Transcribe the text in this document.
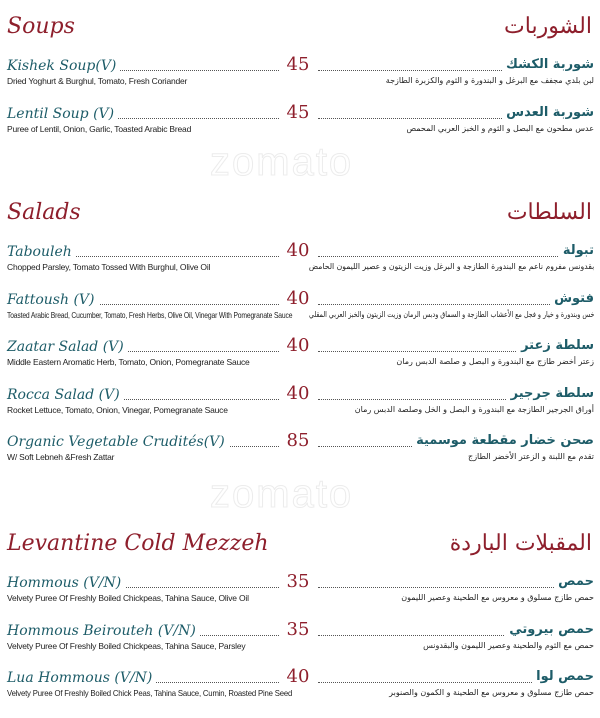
zomato
zomato
Soups	الشوربات
Kishek Soup(V)
Dried Yoghurt & Burghul, Tomato, Fresh Coriander
45	شوربة الكشك
لبن بلدي مجفف مع البرغل و البندورة و الثوم والكزبرة الطازجة
Lentil Soup (V)
Puree of Lentil, Onion, Garlic, Toasted Arabic Bread
45	شوربة العدس
عدس مطحون مع البصل و الثوم و الخبز العربي المحمص
Salads	السلطات
Tabouleh
Chopped Parsley, Tomato Tossed With Burghul, Olive Oil
40	تبولة
بقدونس مفروم ناعم مع البندورة الطازجة و البرغل وزيت الزيتون و عصير الليمون الحامض
Fattoush (V)
Toasted Arabic Bread, Cucumber, Tomato, Fresh Herbs, Olive Oil, Vinegar With Pomegranate Sauce
40	فتوش
خس وبندورة و خيار و فجل مع الأعشاب الطازجة و السماق ودبس الرمان وزيت الزيتون والخبز العربي المقلي
Zaatar Salad (V)
Middle Eastern Aromatic Herb, Tomato, Onion, Pomegranate Sauce
40	سلطة زعتر
زعتر أخضر طازج مع البندورة و البصل و صلصة الدبس رمان
Rocca Salad (V)
Rocket Lettuce, Tomato, Onion, Vinegar, Pomegranate Sauce
40	سلطة جرجير
أوراق الجرجير الطازجة مع البندورة و البصل و الخل وصلصة الدبس رمان
Organic Vegetable Crudités(V)
W/ Soft Lebneh &Fresh Zattar
85	صحن خضار مقطعة موسمية
تقدم مع اللبنة و الزعتر الأخضر الطازج
Levantine Cold Mezzeh	المقبلات الباردة
Hommous (V/N)
Velvety Puree Of Freshly Boiled Chickpeas, Tahina Sauce, Olive Oil
35	حمص
حمص طازج مسلوق و معروس مع الطحينة وعصير الليمون
Hommous Beirouteh (V/N)
Velvety Puree Of Freshly Boiled Chickpeas, Tahina Sauce, Parsley
35	حمص بيروتي
حمص مع الثوم والطحينة وعصير الليمون والبقدونس
Lua Hommous (V/N)
Velvety Puree Of Freshly Boiled Chick Peas, Tahina Sauce, Cumin, Roasted Pine Seed
40	حمص لوا
حمص طازج مسلوق و معروس مع الطحينة و الكمون والصنوبر
